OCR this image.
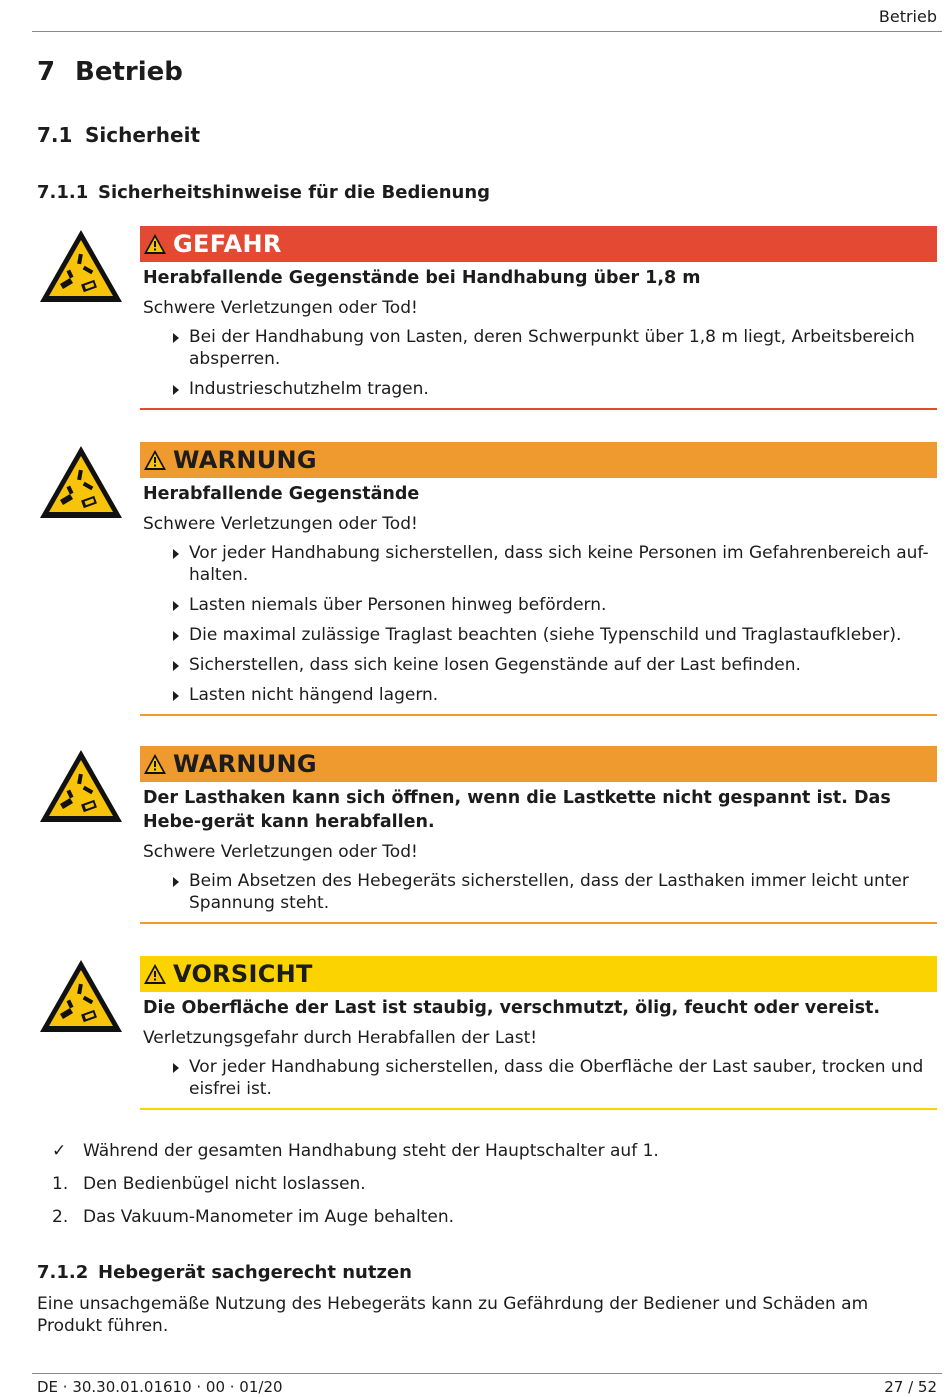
Betrieb
7 Betrieb
7.1 Sicherheit
7.1.1 Sicherheitshinweise für die Bedienung
GEFAHR
Herabfallende Gegenstände bei Handhabung über 1,8 m
Schwere Verletzungen oder Tod!
Bei der Handhabung von Lasten, deren Schwerpunkt über 1,8 m liegt, Arbeitsbereich absperren.
Industrieschutzhelm tragen.
WARNUNG
Herabfallende Gegenstände
Schwere Verletzungen oder Tod!
Vor jeder Handhabung sicherstellen, dass sich keine Personen im Gefahrenbereich auf-halten.
Lasten niemals über Personen hinweg befördern.
Die maximal zulässige Traglast beachten (siehe Typenschild und Traglastaufkleber).
Sicherstellen, dass sich keine losen Gegenstände auf der Last befinden.
Lasten nicht hängend lagern.
WARNUNG
Der Lasthaken kann sich öffnen, wenn die Lastkette nicht gespannt ist. Das Hebe-gerät kann herabfallen.
Schwere Verletzungen oder Tod!
Beim Absetzen des Hebegeräts sicherstellen, dass der Lasthaken immer leicht unter Spannung steht.
VORSICHT
Die Oberfläche der Last ist staubig, verschmutzt, ölig, feucht oder vereist.
Verletzungsgefahr durch Herabfallen der Last!
Vor jeder Handhabung sicherstellen, dass die Oberfläche der Last sauber, trocken und eisfrei ist.
✓ Während der gesamten Handhabung steht der Hauptschalter auf 1.
1. Den Bedienbügel nicht loslassen.
2. Das Vakuum-Manometer im Auge behalten.
7.1.2 Hebegerät sachgerecht nutzen
Eine unsachgemäße Nutzung des Hebegeräts kann zu Gefährdung der Bediener und Schäden am Produkt führen.
DE · 30.30.01.01610 · 00 · 01/20	27 / 52
